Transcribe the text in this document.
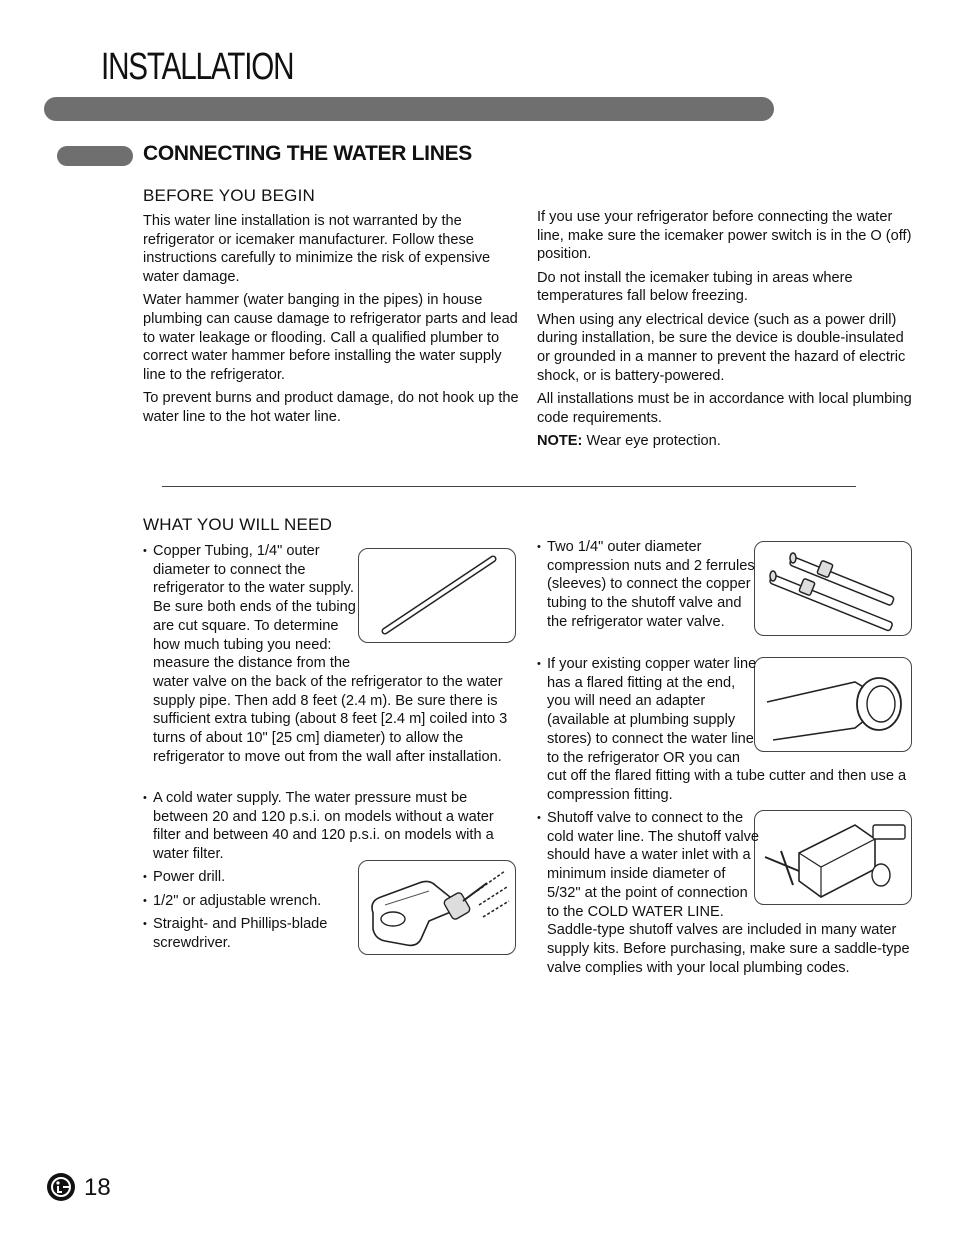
INSTALLATION
CONNECTING THE WATER LINES
BEFORE YOU BEGIN

This water line installation is not warranted by the refrigerator or icemaker manufacturer. Follow these instructions carefully to minimize the risk of expensive water damage.

Water hammer (water banging in the pipes) in house plumbing can cause damage to refrigerator parts and lead to water leakage or flooding. Call a qualified plumber to correct water hammer before installing the water supply line to the refrigerator.

To prevent burns and product damage, do not hook up the water line to the hot water line.

If you use your refrigerator before connecting the water line, make sure the icemaker power switch is in the O (off) position.

Do not install the icemaker tubing in areas where temperatures fall below freezing.

When using any electrical device (such as a power drill) during installation, be sure the device is double-insulated or grounded in a manner to prevent the hazard of electric shock, or is battery-powered.

All installations must be in accordance with local plumbing code requirements.

NOTE: Wear eye protection.

WHAT YOU WILL NEED
• Copper Tubing, 1/4" outer diameter to connect the refrigerator to the water supply. Be sure both ends of the tubing are cut square. To determine how much tubing you need: measure the distance from the water valve on the back of the refrigerator to the water supply pipe. Then add 8 feet (2.4 m). Be sure there is sufficient extra tubing (about 8 feet [2.4 m] coiled into 3 turns of about 10" [25 cm] diameter) to allow the refrigerator to move out from the wall after installation.
• A cold water supply. The water pressure must be between 20 and 120 p.s.i. on models without a water filter and between 40 and 120 p.s.i. on models with a water filter.
• Power drill.
• 1/2" or adjustable wrench.
• Straight- and Phillips-blade screwdriver.
• Two 1/4" outer diameter compression nuts and 2 ferrules (sleeves) to connect the copper tubing to the shutoff valve and the refrigerator water valve.
• If your existing copper water line has a flared fitting at the end, you will need an adapter (available at plumbing supply stores) to connect the water line to the refrigerator OR you can cut off the flared fitting with a tube cutter and then use a compression fitting.
• Shutoff valve to connect to the cold water line. The shutoff valve should have a water inlet with a minimum inside diameter of 5/32" at the point of connection to the COLD WATER LINE. Saddle-type shutoff valves are included in many water supply kits. Before purchasing, make sure a saddle-type valve complies with your local plumbing codes.
18
